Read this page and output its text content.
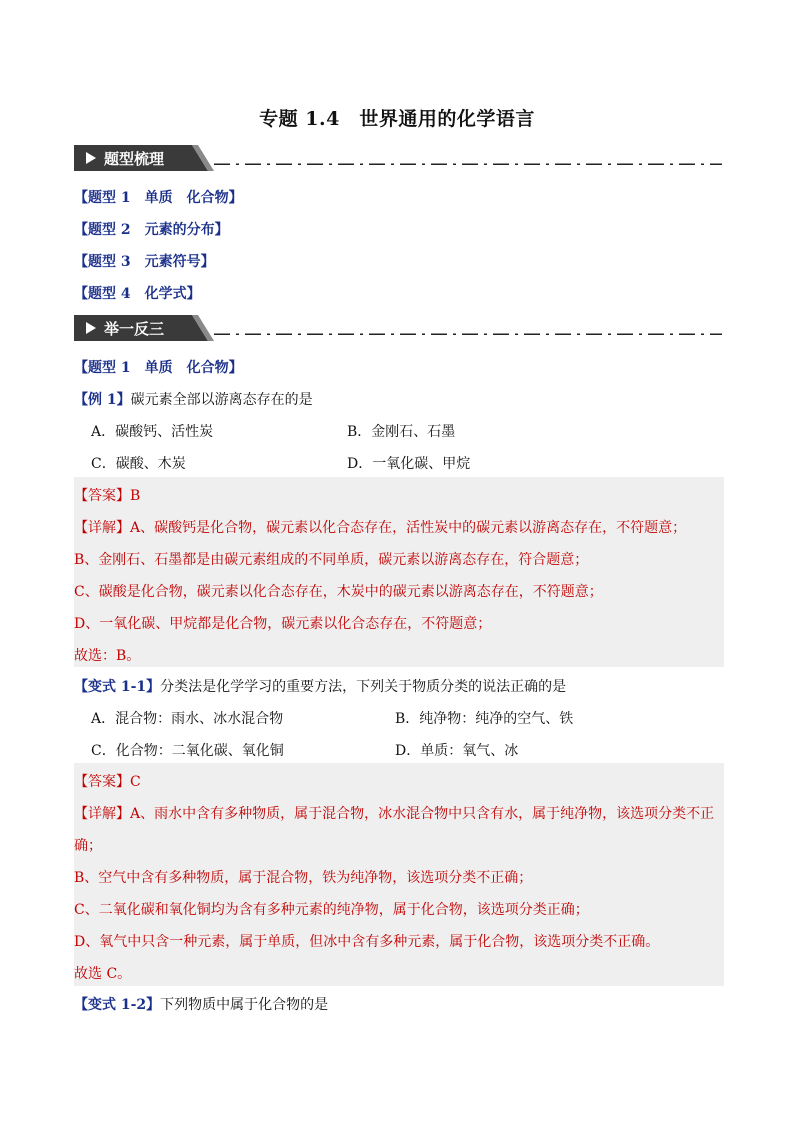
专题 1.4　世界通用的化学语言
题型梳理
【题型 1　单质　化合物】
【题型 2　元素的分布】
【题型 3　元素符号】
【题型 4　化学式】
举一反三
【题型 1　单质　化合物】
【例 1】碳元素全部以游离态存在的是
A．碳酸钙、活性炭	B．金刚石、石墨
C．碳酸、木炭	D．一氧化碳、甲烷
【答案】B
【详解】A、碳酸钙是化合物，碳元素以化合态存在，活性炭中的碳元素以游离态存在，不符题意；
B、金刚石、石墨都是由碳元素组成的不同单质，碳元素以游离态存在，符合题意；
C、碳酸是化合物，碳元素以化合态存在，木炭中的碳元素以游离态存在，不符题意；
D、一氧化碳、甲烷都是化合物，碳元素以化合态存在，不符题意；
故选：B。
【变式 1-1】分类法是化学学习的重要方法，下列关于物质分类的说法正确的是
A．混合物：雨水、冰水混合物	B．纯净物：纯净的空气、铁
C．化合物：二氧化碳、氧化铜	D．单质：氧气、冰
【答案】C
【详解】A、雨水中含有多种物质，属于混合物，冰水混合物中只含有水，属于纯净物，该选项分类不正
确；
B、空气中含有多种物质，属于混合物，铁为纯净物，该选项分类不正确；
C、二氧化碳和氧化铜均为含有多种元素的纯净物，属于化合物，该选项分类正确；
D、氧气中只含一种元素，属于单质，但冰中含有多种元素，属于化合物，该选项分类不正确。
故选 C。
【变式 1-2】下列物质中属于化合物的是
